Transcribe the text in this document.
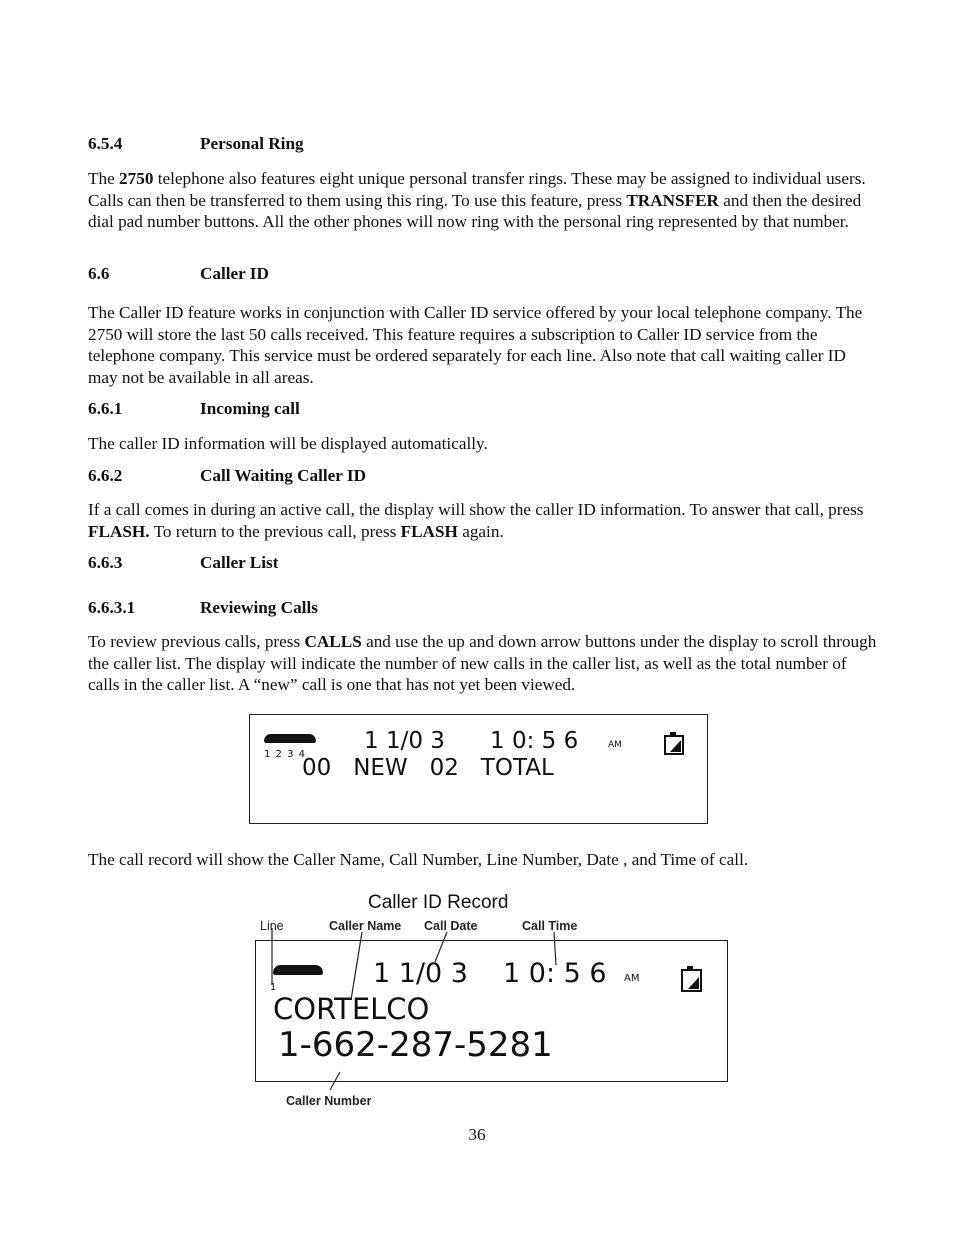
6.5.4	Personal Ring

The 2750 telephone also features eight unique personal transfer rings. These may be assigned to individual users. Calls can then be transferred to them using this ring. To use this feature, press TRANSFER and then the desired dial pad number buttons. All the other phones will now ring with the personal ring represented by that number.

6.6	Caller ID

The Caller ID feature works in conjunction with Caller ID service offered by your local telephone company. The 2750 will store the last 50 calls received. This feature requires a subscription to Caller ID service from the telephone company. This service must be ordered separately for each line. Also note that call waiting caller ID may not be available in all areas.

6.6.1	Incoming call

The caller ID information will be displayed automatically.

6.6.2	Call Waiting Caller ID

If a call comes in during an active call, the display will show the caller ID information. To answer that call, press FLASH. To return to the previous call, press FLASH again.

6.6.3	Caller List
6.6.3.1	Reviewing Calls

To review previous calls, press CALLS and use the up and down arrow buttons under the display to scroll through the caller list. The display will indicate the number of new calls in the caller list, as well as the total number of calls in the caller list. A “new” call is one that has not yet been viewed.

1 2 3 4
1 1/0 3 1 0: 5 6	AM
00   NEW   02   TOTAL

The call record will show the Caller Name, Call Number, Line Number, Date , and Time of call.

Caller ID Record
Line	Caller Name Call Date	Call Time
1	1 1/0 3 1 0: 5 6 AM
CORTELCO
1-662-287-5281
Caller Number
36
